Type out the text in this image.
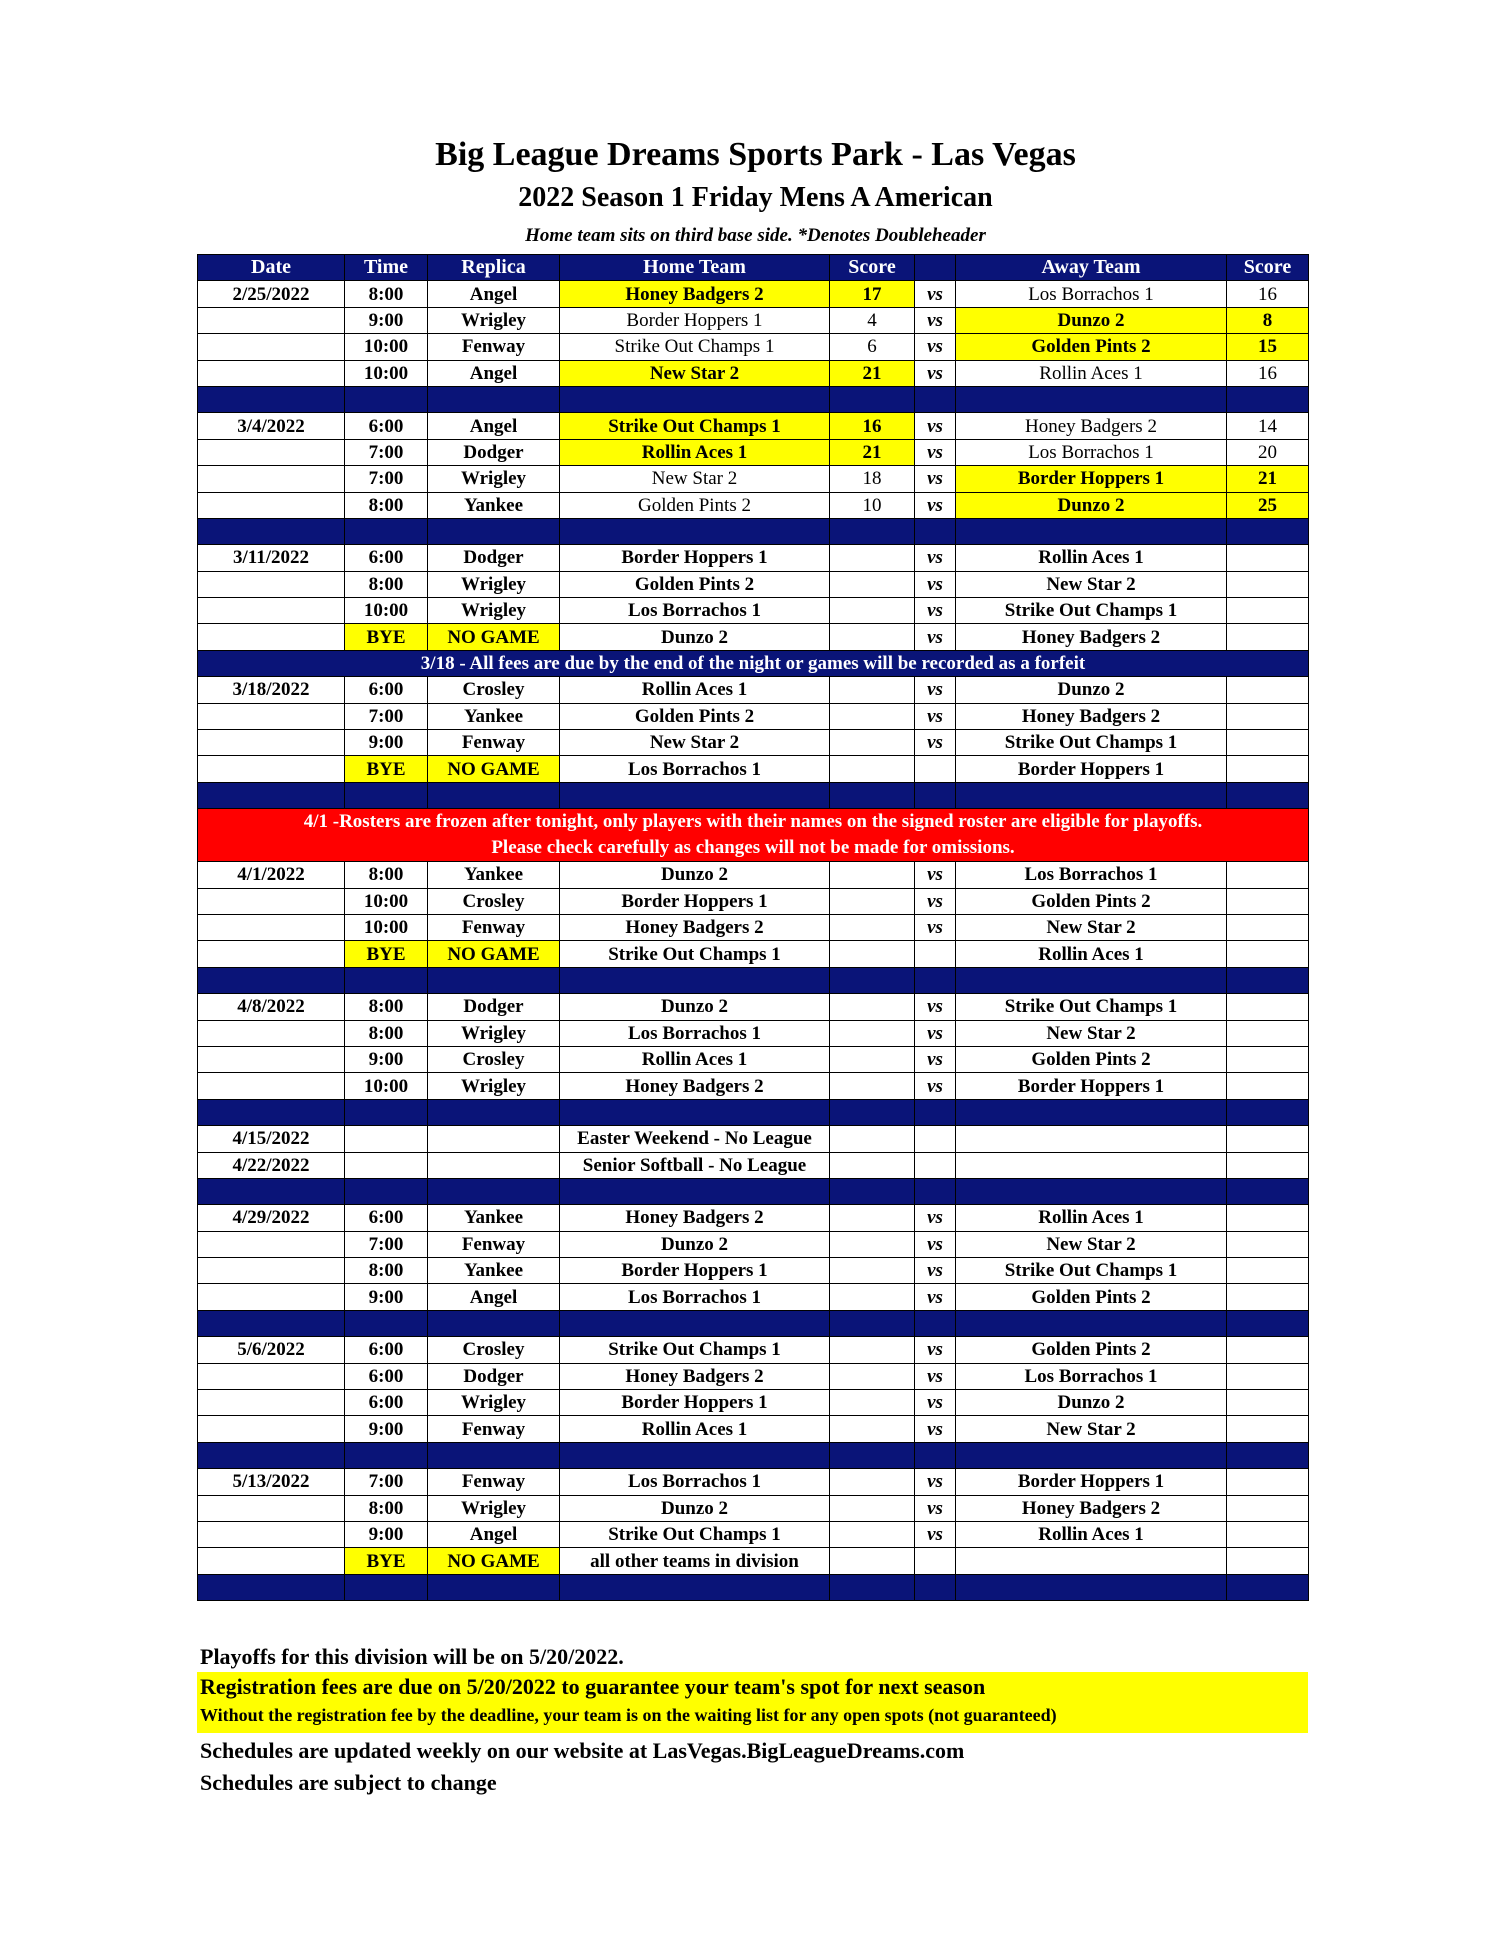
Big League Dreams Sports Park - Las Vegas
2022 Season 1 Friday Mens A American
Home team sits on third base side. *Denotes Doubleheader
Date	Time	Replica	Home Team	Score		Away Team	Score
2/25/2022	8:00	Angel	Honey Badgers 2	17	vs	Los Borrachos 1	16
	9:00	Wrigley	Border Hoppers 1	4	vs	Dunzo 2	8
	10:00	Fenway	Strike Out Champs 1	6	vs	Golden Pints 2	15
	10:00	Angel	New Star 2	21	vs	Rollin Aces 1	16

3/4/2022	6:00	Angel	Strike Out Champs 1	16	vs	Honey Badgers 2	14
	7:00	Dodger	Rollin Aces 1	21	vs	Los Borrachos 1	20
	7:00	Wrigley	New Star 2	18	vs	Border Hoppers 1	21
	8:00	Yankee	Golden Pints 2	10	vs	Dunzo 2	25

3/11/2022	6:00	Dodger	Border Hoppers 1		vs	Rollin Aces 1	
	8:00	Wrigley	Golden Pints 2		vs	New Star 2	
	10:00	Wrigley	Los Borrachos 1		vs	Strike Out Champs 1	
	BYE	NO GAME	Dunzo 2		vs	Honey Badgers 2	
3/18 - All fees are due by the end of the night or games will be recorded as a forfeit							
3/18/2022	6:00	Crosley	Rollin Aces 1		vs	Dunzo 2	
	7:00	Yankee	Golden Pints 2		vs	Honey Badgers 2	
	9:00	Fenway	New Star 2		vs	Strike Out Champs 1	
	BYE	NO GAME	Los Borrachos 1			Border Hoppers 1	

4/1 -Rosters are frozen after tonight, only players with their names on the signed roster are eligible for playoffs.
Please check carefully as changes will not be made for omissions.							

4/1/2022	8:00	Yankee	Dunzo 2		vs	Los Borrachos 1	
	10:00	Crosley	Border Hoppers 1		vs	Golden Pints 2	
	10:00	Fenway	Honey Badgers 2		vs	New Star 2	
	BYE	NO GAME	Strike Out Champs 1			Rollin Aces 1	

4/8/2022	8:00	Dodger	Dunzo 2		vs	Strike Out Champs 1	
	8:00	Wrigley	Los Borrachos 1		vs	New Star 2	
	9:00	Crosley	Rollin Aces 1		vs	Golden Pints 2	
	10:00	Wrigley	Honey Badgers 2		vs	Border Hoppers 1	

4/15/2022			Easter Weekend - No League				
4/22/2022			Senior Softball - No League				

4/29/2022	6:00	Yankee	Honey Badgers 2		vs	Rollin Aces 1	
	7:00	Fenway	Dunzo 2		vs	New Star 2	
	8:00	Yankee	Border Hoppers 1		vs	Strike Out Champs 1	
	9:00	Angel	Los Borrachos 1		vs	Golden Pints 2	

5/6/2022	6:00	Crosley	Strike Out Champs 1		vs	Golden Pints 2	
	6:00	Dodger	Honey Badgers 2		vs	Los Borrachos 1	
	6:00	Wrigley	Border Hoppers 1		vs	Dunzo 2	
	9:00	Fenway	Rollin Aces 1		vs	New Star 2	

5/13/2022	7:00	Fenway	Los Borrachos 1		vs	Border Hoppers 1	
	8:00	Wrigley	Dunzo 2		vs	Honey Badgers 2	
	9:00	Angel	Strike Out Champs 1		vs	Rollin Aces 1	
	BYE	NO GAME	all other teams in division				

Playoffs for this division will be on 5/20/2022.
Registration fees are due on 5/20/2022 to guarantee your team's spot for next season
Without the registration fee by the deadline, your team is on the waiting list for any open spots (not guaranteed)
Schedules are updated weekly on our website at LasVegas.BigLeagueDreams.com
Schedules are subject to change
